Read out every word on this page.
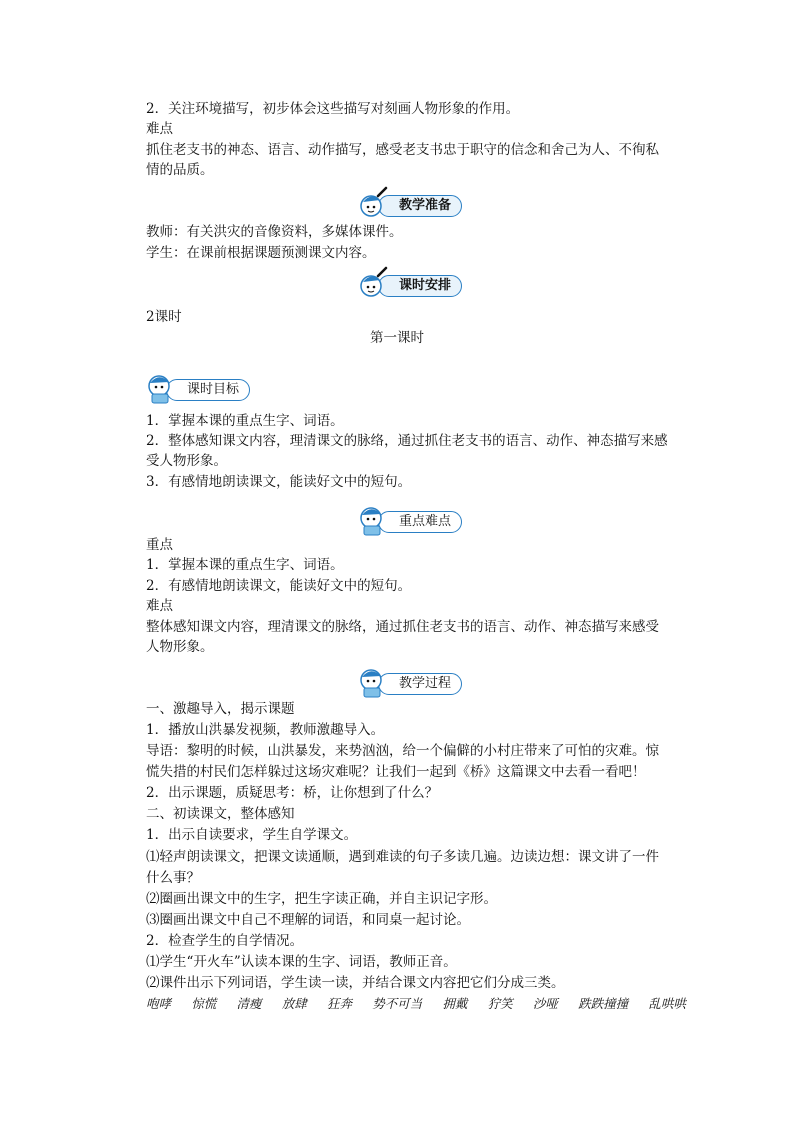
2．关注环境描写，初步体会这些描写对刻画人物形象的作用。
难点
抓住老支书的神态、语言、动作描写，感受老支书忠于职守的信念和舍己为人、不徇私
情的品质。
教学准备
教师：有关洪灾的音像资料，多媒体课件。
学生：在课前根据课题预测课文内容。
课时安排
2课时
第一课时
课时目标
1．掌握本课的重点生字、词语。
2．整体感知课文内容，理清课文的脉络，通过抓住老支书的语言、动作、神态描写来感
受人物形象。
3．有感情地朗读课文，能读好文中的短句。
重点难点
重点
1．掌握本课的重点生字、词语。
2．有感情地朗读课文，能读好文中的短句。
难点
整体感知课文内容，理清课文的脉络，通过抓住老支书的语言、动作、神态描写来感受
人物形象。
教学过程
一、激趣导入，揭示课题
1．播放山洪暴发视频，教师激趣导入。
导语：黎明的时候，山洪暴发，来势汹汹，给一个偏僻的小村庄带来了可怕的灾难。惊
慌失措的村民们怎样躲过这场灾难呢？让我们一起到《桥》这篇课文中去看一看吧！
2．出示课题，质疑思考：桥，让你想到了什么？
二、初读课文，整体感知
1．出示自读要求，学生自学课文。
⑴轻声朗读课文，把课文读通顺，遇到难读的句子多读几遍。边读边想：课文讲了一件
什么事？
⑵圈画出课文中的生字，把生字读正确，并自主识记字形。
⑶圈画出课文中自己不理解的词语，和同桌一起讨论。
2．检查学生的自学情况。
⑴学生“开火车”认读本课的生字、词语，教师正音。
⑵课件出示下列词语，学生读一读，并结合课文内容把它们分成三类。
咆哮 惊慌 清瘦 放肆 狂奔 势不可当 拥戴 狞笑 沙哑 跌跌撞撞 乱哄哄
